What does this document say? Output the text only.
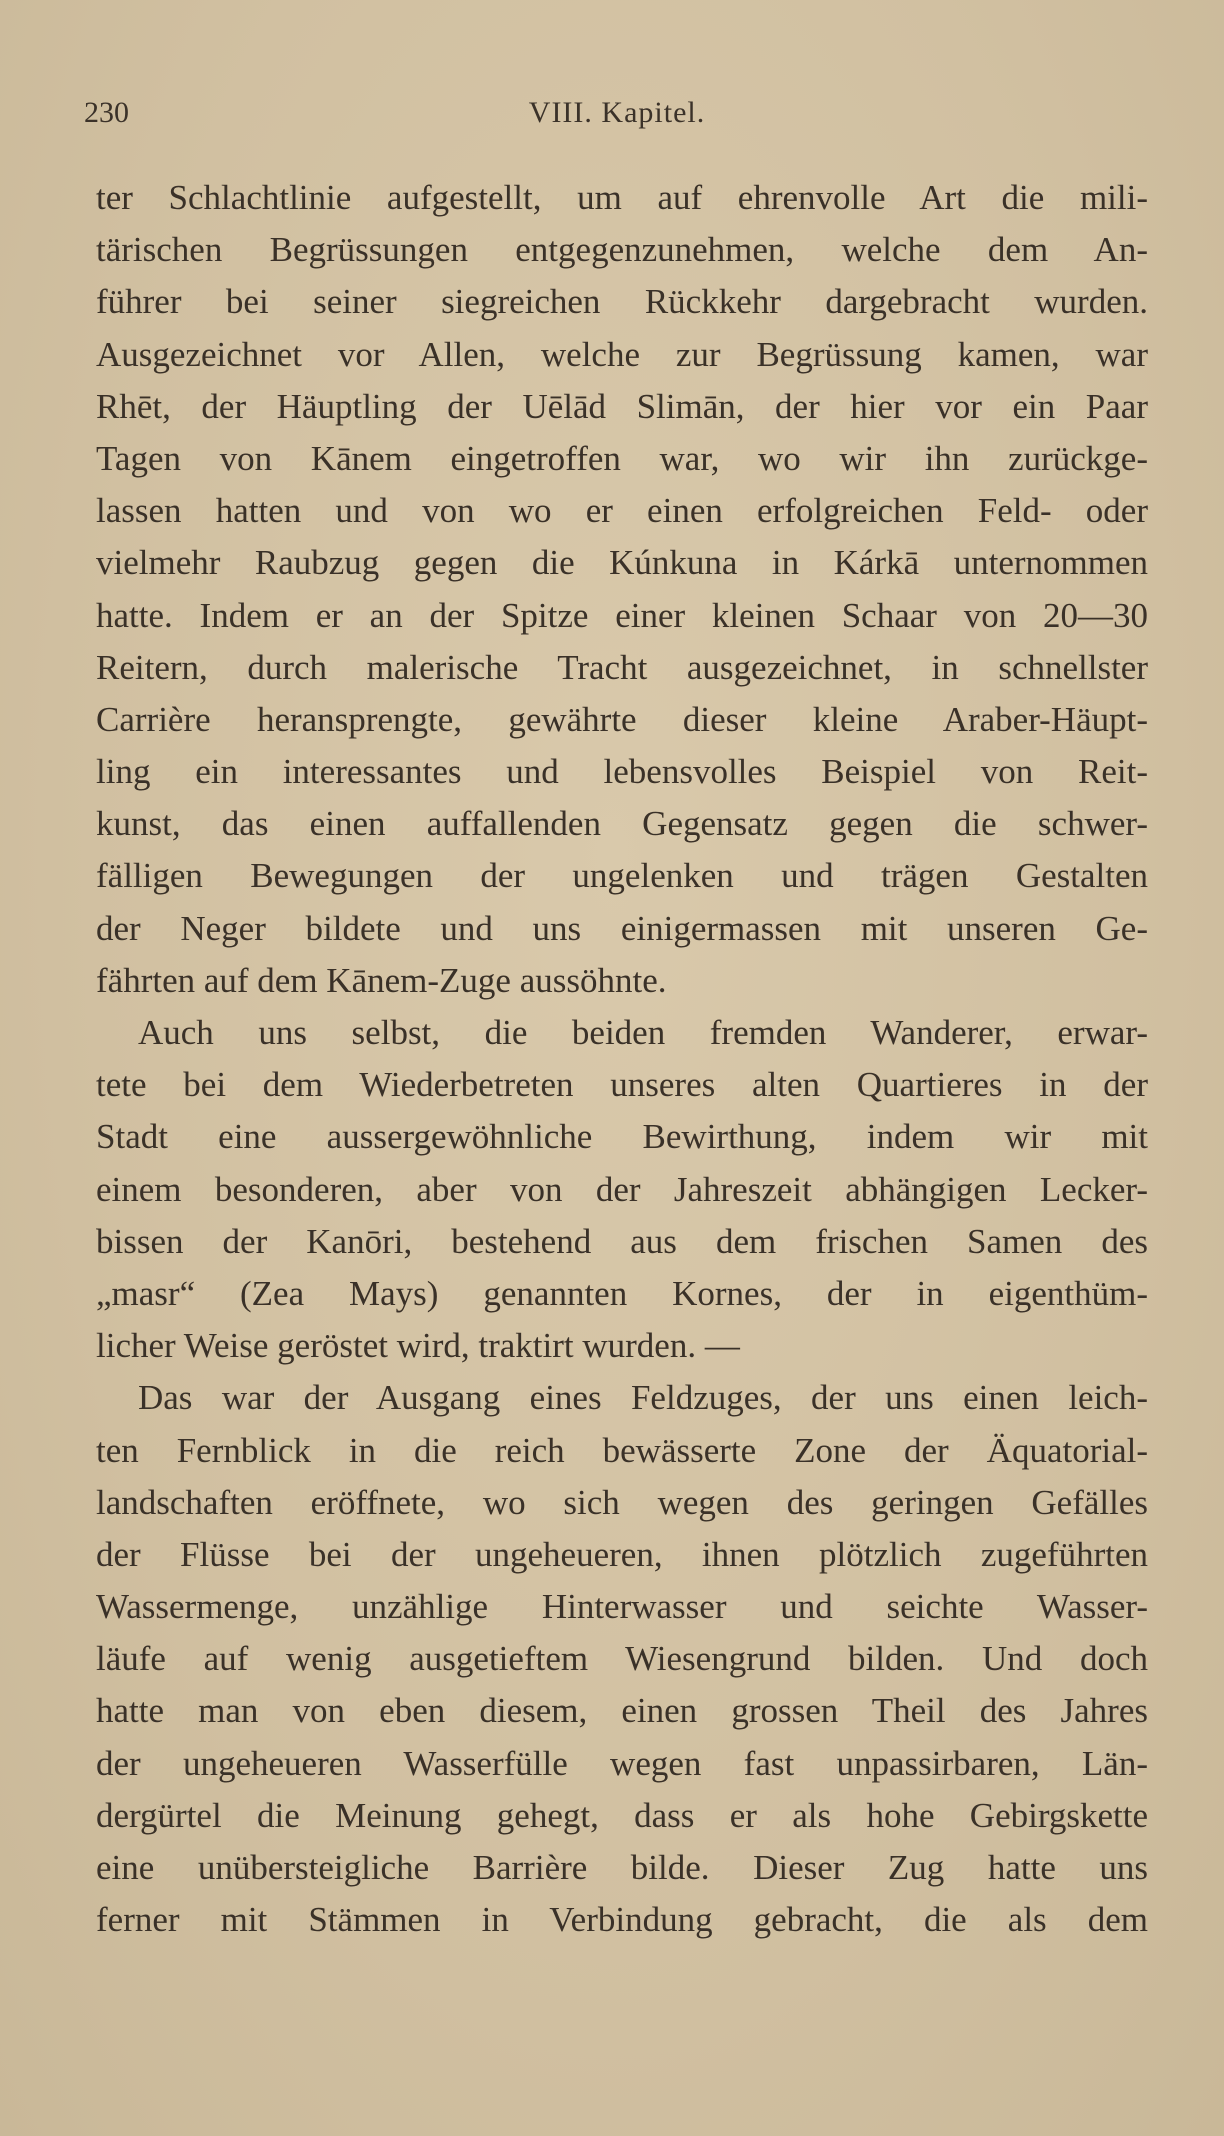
230	VIII. Kapitel.
ter Schlachtlinie aufgestellt, um auf ehrenvolle Art die mili-
tärischen Begrüssungen entgegenzunehmen, welche dem An-
führer bei seiner siegreichen Rückkehr dargebracht wurden.
Ausgezeichnet vor Allen, welche zur Begrüssung kamen, war
Rhēt, der Häuptling der Uēlād Slimān, der hier vor ein Paar
Tagen von Kānem eingetroffen war, wo wir ihn zurückge-
lassen hatten und von wo er einen erfolgreichen Feld- oder
vielmehr Raubzug gegen die Kúnkuna in Kárkā unternommen
hatte. Indem er an der Spitze einer kleinen Schaar von 20—30
Reitern, durch malerische Tracht ausgezeichnet, in schnellster
Carrière heransprengte, gewährte dieser kleine Araber-Häupt-
ling ein interessantes und lebensvolles Beispiel von Reit-
kunst, das einen auffallenden Gegensatz gegen die schwer-
fälligen Bewegungen der ungelenken und trägen Gestalten
der Neger bildete und uns einigermassen mit unseren Ge-
fährten auf dem Kānem-Zuge aussöhnte.
Auch uns selbst, die beiden fremden Wanderer, erwar-
tete bei dem Wiederbetreten unseres alten Quartieres in der
Stadt eine aussergewöhnliche Bewirthung, indem wir mit
einem besonderen, aber von der Jahreszeit abhängigen Lecker-
bissen der Kanōri, bestehend aus dem frischen Samen des
„masr“ (Zea Mays) genannten Kornes, der in eigenthüm-
licher Weise geröstet wird, traktirt wurden. —
Das war der Ausgang eines Feldzuges, der uns einen leich-
ten Fernblick in die reich bewässerte Zone der Äquatorial-
landschaften eröffnete, wo sich wegen des geringen Gefälles
der Flüsse bei der ungeheueren, ihnen plötzlich zugeführten
Wassermenge, unzählige Hinterwasser und seichte Wasser-
läufe auf wenig ausgetieftem Wiesengrund bilden. Und doch
hatte man von eben diesem, einen grossen Theil des Jahres
der ungeheueren Wasserfülle wegen fast unpassirbaren, Län-
dergürtel die Meinung gehegt, dass er als hohe Gebirgskette
eine unübersteigliche Barrière bilde. Dieser Zug hatte uns
ferner mit Stämmen in Verbindung gebracht, die als dem
